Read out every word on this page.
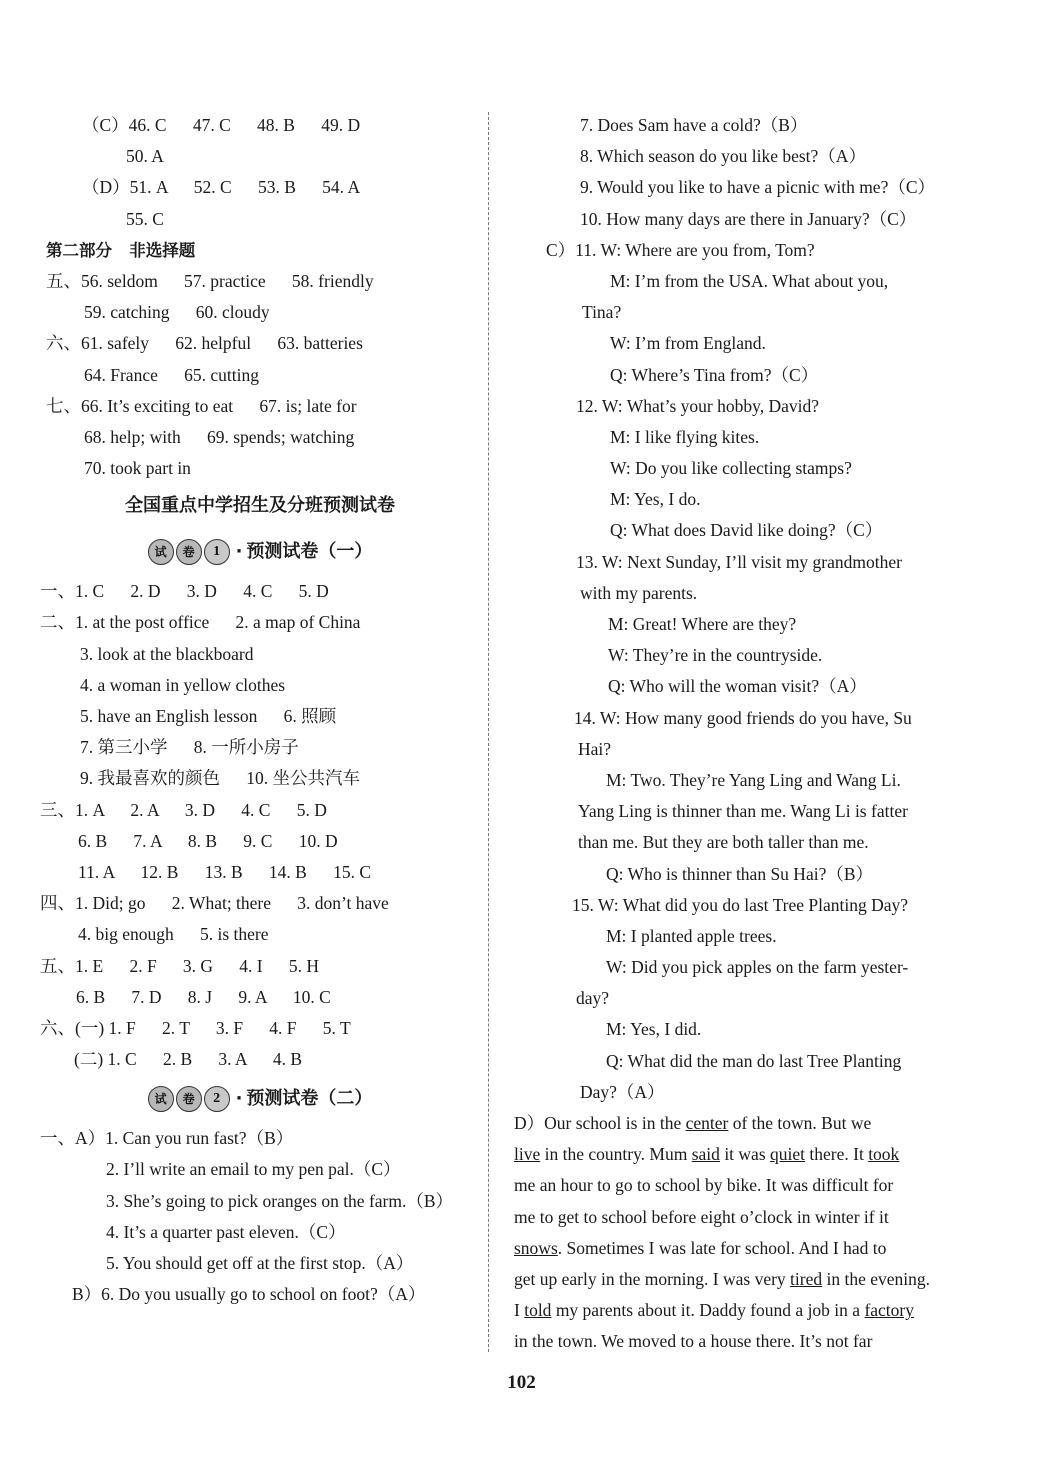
（C）46. C      47. C      48. B      49. D
50. A
（D）51. A      52. C      53. B      54. A
55. C
第二部分   非选择题
五、56. seldom      57. practice      58. friendly
59. catching      60. cloudy
六、61. safely      62. helpful      63. batteries
64. France      65. cutting
七、66. It’s exciting to eat      67. is; late for
68. help; with      69. spends; watching
70. took part in
全国重点中学招生及分班预测试卷
试 卷 1 · 预测试卷（一）
一、1. C      2. D      3. D      4. C      5. D
二、1. at the post office      2. a map of China
3. look at the blackboard
4. a woman in yellow clothes
5. have an English lesson      6. 照顾
7. 第三小学      8. 一所小房子
9. 我最喜欢的颜色      10. 坐公共汽车
三、1. A      2. A      3. D      4. C      5. D
6. B      7. A      8. B      9. C      10. D
11. A      12. B      13. B      14. B      15. C
四、1. Did; go      2. What; there      3. don’t have
4. big enough      5. is there
五、1. E      2. F      3. G      4. I      5. H
6. B      7. D      8. J      9. A      10. C
六、(一) 1. F      2. T      3. F      4. F      5. T
(二) 1. C      2. B      3. A      4. B
试 卷 2 · 预测试卷（二）
一、A）1. Can you run fast?（B）
2. I’ll write an email to my pen pal.（C）
3. She’s going to pick oranges on the farm.（B）
4. It’s a quarter past eleven.（C）
5. You should get off at the first stop.（A）
B）6. Do you usually go to school on foot?（A）
7. Does Sam have a cold?（B）
8. Which season do you like best?（A）
9. Would you like to have a picnic with me?（C）
10. How many days are there in January?（C）
C）11. W: Where are you from, Tom?
M: I’m from the USA. What about you,
Tina?
W: I’m from England.
Q: Where’s Tina from?（C）
12. W: What’s your hobby, David?
M: I like flying kites.
W: Do you like collecting stamps?
M: Yes, I do.
Q: What does David like doing?（C）
13. W: Next Sunday, I’ll visit my grandmother
with my parents.
M: Great! Where are they?
W: They’re in the countryside.
Q: Who will the woman visit?（A）
14. W: How many good friends do you have, Su
Hai?
M: Two. They’re Yang Ling and Wang Li.
Yang Ling is thinner than me. Wang Li is fatter
than me. But they are both taller than me.
Q: Who is thinner than Su Hai?（B）
15. W: What did you do last Tree Planting Day?
M: I planted apple trees.
W: Did you pick apples on the farm yester-
day?
M: Yes, I did.
Q: What did the man do last Tree Planting
Day?（A）
D）Our school is in the center of the town. But we
live in the country. Mum said it was quiet there. It took
me an hour to go to school by bike. It was difficult for
me to get to school before eight o’clock in winter if it
snows. Sometimes I was late for school. And I had to
get up early in the morning. I was very tired in the evening.
I told my parents about it. Daddy found a job in a factory
in the town. We moved to a house there. It’s not far
102
